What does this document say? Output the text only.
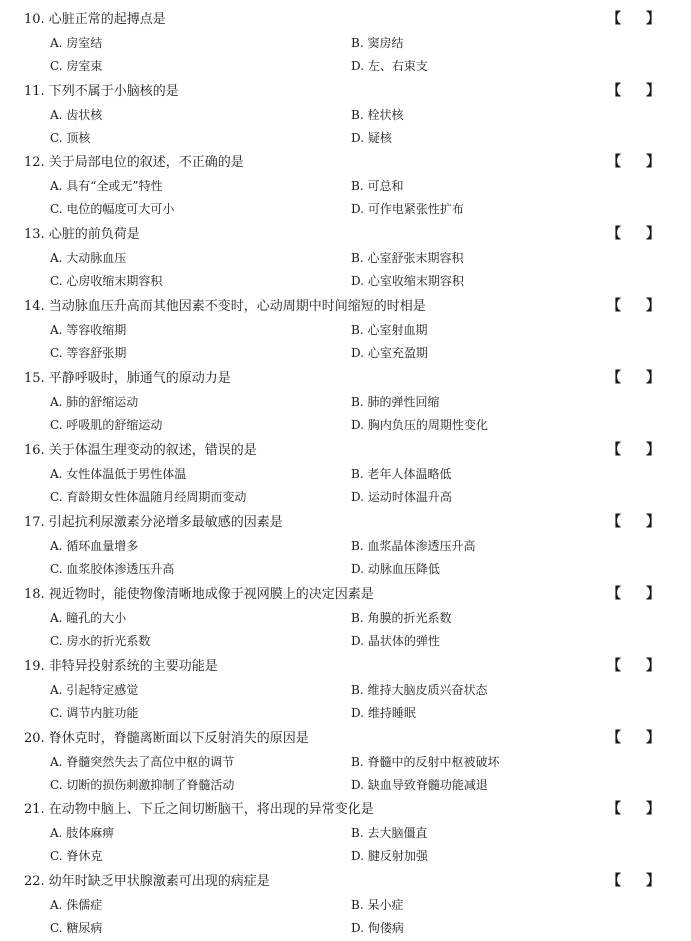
10. 心脏正常的起搏点是	【 】
A. 房室结	B. 窦房结
C. 房室束	D. 左、右束支
11. 下列不属于小脑核的是	【 】
A. 齿状核	B. 栓状核
C. 顶核	D. 疑核
12. 关于局部电位的叙述，不正确的是	【 】
A. 具有“全或无”特性	B. 可总和
C. 电位的幅度可大可小	D. 可作电紧张性扩布
13. 心脏的前负荷是	【 】
A. 大动脉血压	B. 心室舒张末期容积
C. 心房收缩末期容积	D. 心室收缩末期容积
14. 当动脉血压升高而其他因素不变时，心动周期中时间缩短的时相是	【 】
A. 等容收缩期	B. 心室射血期
C. 等容舒张期	D. 心室充盈期
15. 平静呼吸时，肺通气的原动力是	【 】
A. 肺的舒缩运动	B. 肺的弹性回缩
C. 呼吸肌的舒缩运动	D. 胸内负压的周期性变化
16. 关于体温生理变动的叙述，错误的是	【 】
A. 女性体温低于男性体温	B. 老年人体温略低
C. 育龄期女性体温随月经周期而变动	D. 运动时体温升高
17. 引起抗利尿激素分泌增多最敏感的因素是	【 】
A. 循环血量增多	B. 血浆晶体渗透压升高
C. 血浆胶体渗透压升高	D. 动脉血压降低
18. 视近物时，能使物像清晰地成像于视网膜上的决定因素是	【 】
A. 瞳孔的大小	B. 角膜的折光系数
C. 房水的折光系数	D. 晶状体的弹性
19. 非特异投射系统的主要功能是	【 】
A. 引起特定感觉	B. 维持大脑皮质兴奋状态
C. 调节内脏功能	D. 维持睡眠
20. 脊休克时，脊髓离断面以下反射消失的原因是	【 】
A. 脊髓突然失去了高位中枢的调节	B. 脊髓中的反射中枢被破坏
C. 切断的损伤刺激抑制了脊髓活动	D. 缺血导致脊髓功能减退
21. 在动物中脑上、下丘之间切断脑干，将出现的异常变化是	【 】
A. 肢体麻痹	B. 去大脑僵直
C. 脊休克	D. 腱反射加强
22. 幼年时缺乏甲状腺激素可出现的病症是	【 】
A. 侏儒症	B. 呆小症
C. 糖尿病	D. 佝偻病
